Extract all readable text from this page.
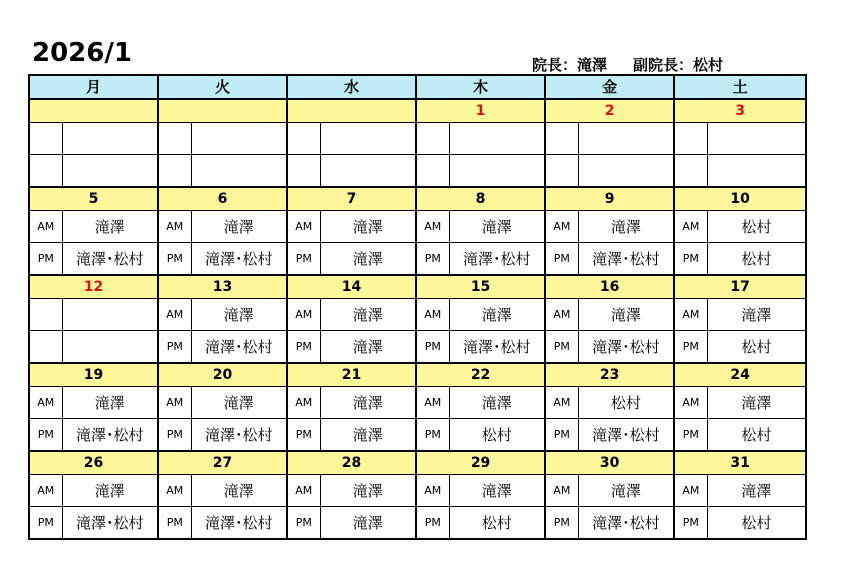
2026/1	院長：滝澤 副院長：松村
月		火		水		木		金		土	
						1		2		3	

5		6		7		8		9		10	
AM	滝澤	AM	滝澤	AM	滝澤	AM	滝澤	AM	滝澤	AM	松村
PM	滝澤･松村	PM	滝澤･松村	PM	滝澤	PM	滝澤･松村	PM	滝澤･松村	PM	松村
12		13		14		15		16		17	
		AM	滝澤	AM	滝澤	AM	滝澤	AM	滝澤	AM	滝澤
		PM	滝澤･松村	PM	滝澤	PM	滝澤･松村	PM	滝澤･松村	PM	松村
19		20		21		22		23		24	
AM	滝澤	AM	滝澤	AM	滝澤	AM	滝澤	AM	松村	AM	滝澤
PM	滝澤･松村	PM	滝澤･松村	PM	滝澤	PM	松村	PM	滝澤･松村	PM	松村
26		27		28		29		30		31	
AM	滝澤	AM	滝澤	AM	滝澤	AM	滝澤	AM	滝澤	AM	滝澤
PM	滝澤･松村	PM	滝澤･松村	PM	滝澤	PM	松村	PM	滝澤･松村	PM	松村
